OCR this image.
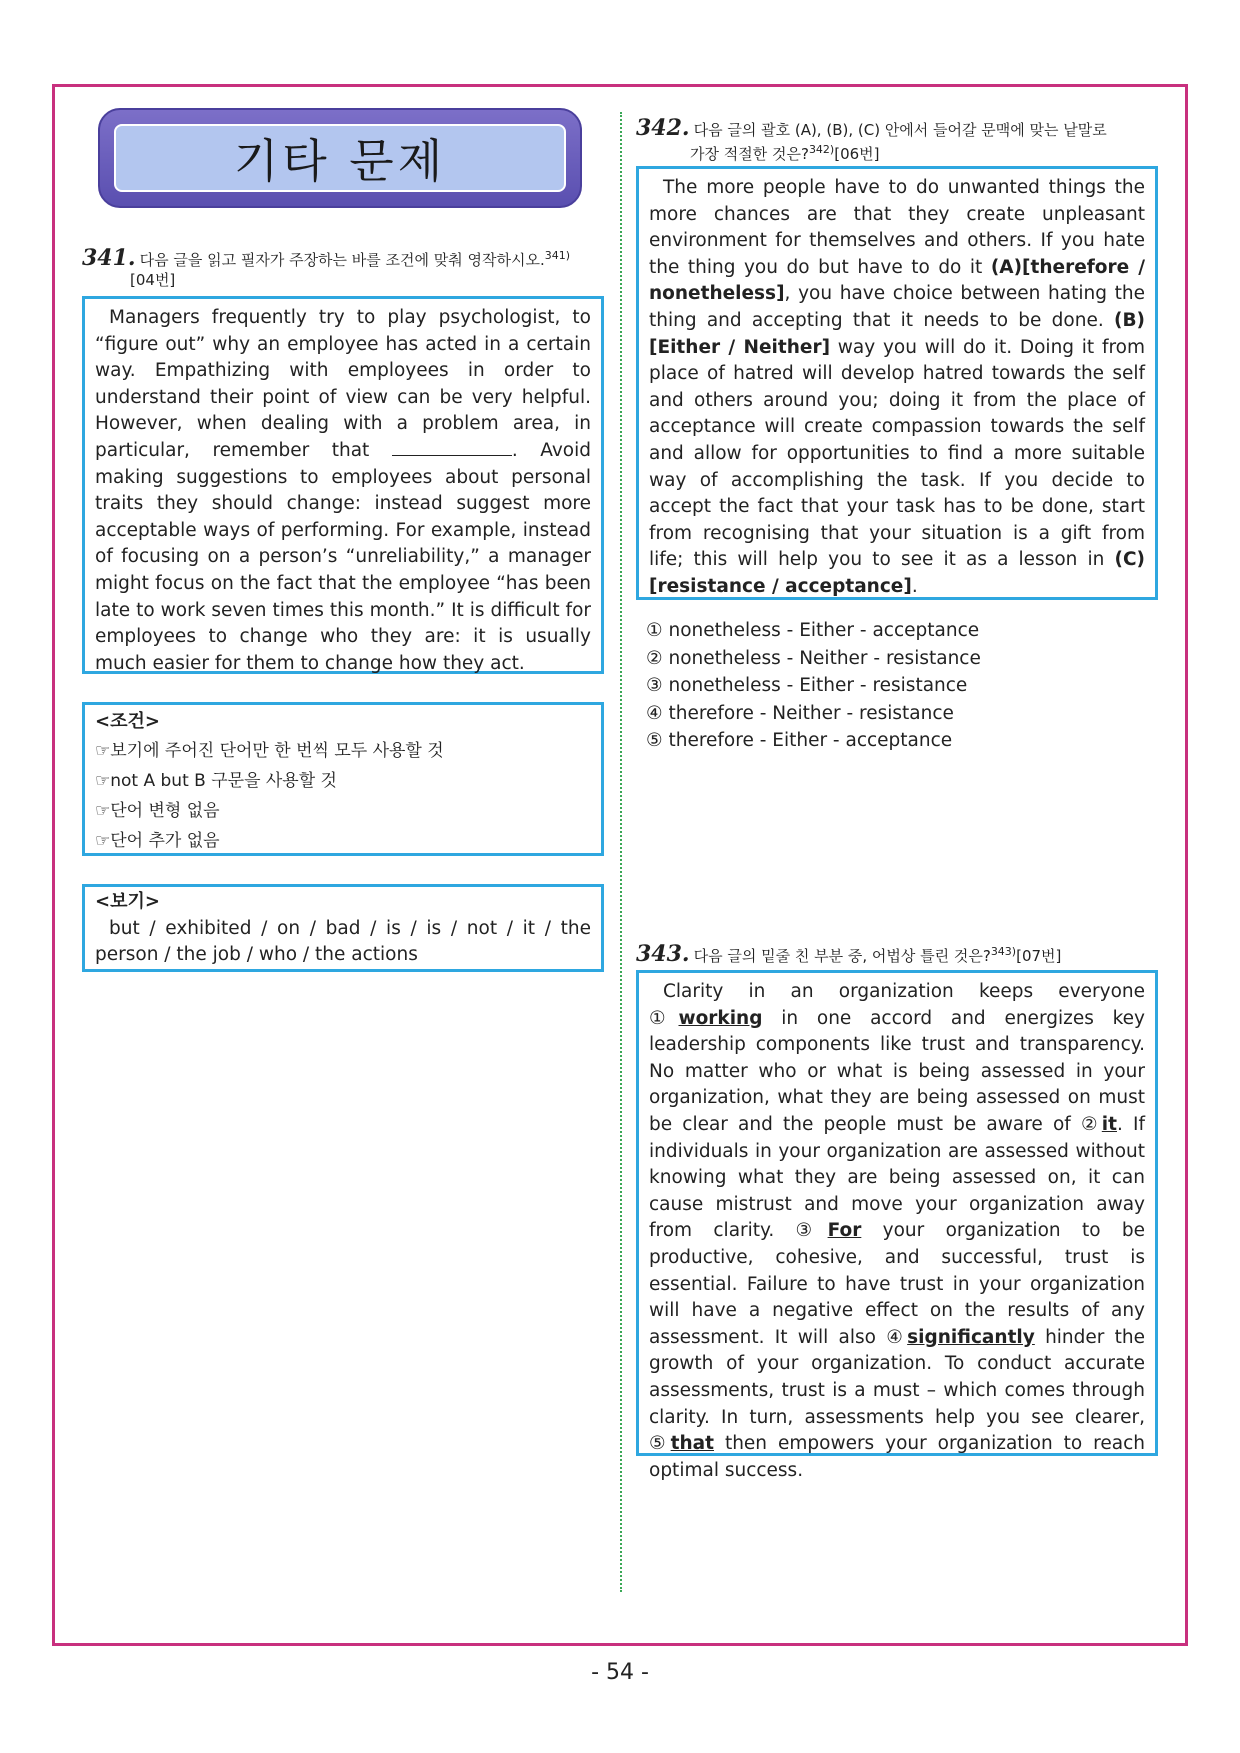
기타 문제
341. 다음 글을 읽고 필자가 주장하는 바를 조건에 맞춰 영작하시오.$^{341)}$
[04번]

Managers frequently try to play psychologist, to “figure out” why an employee has acted in a certain way. Empathizing with employees in order to understand their point of view can be very helpful. However, when dealing with a problem area, in particular, remember that	. Avoid making suggestions to employees about personal traits they should change: instead suggest more acceptable ways of performing. For example, instead of focusing on a person’s “unreliability,” a manager might focus on the fact that the employee “has been late to work seven times this month.” It is difficult for employees to change who they are: it is usually much easier for them to change how they act.

<조건>
☞보기에 주어진 단어만 한 번씩 모두 사용할 것
☞not A but B 구문을 사용할 것
☞단어 변형 없음
☞단어 추가 없음
<보기>

but / exhibited / on / bad / is / is / not / it / the person / the job / who / the actions

342. 다음 글의 괄호 (A), (B), (C) 안에서 들어갈 문맥에 맞는 낱말로
가장 적절한 것은?$^{342)}$[06번]

The more people have to do unwanted things the more chances are that they create unpleasant environment for themselves and others. If you hate the thing you do but have to do it (A)[therefore / nonetheless], you have choice between hating the thing and accepting that it needs to be done. (B)[Either / Neither] way you will do it. Doing it from place of hatred will develop hatred towards the self and others around you; doing it from the place of acceptance will create compassion towards the self and allow for opportunities to find a more suitable way of accomplishing the task. If you decide to accept the fact that your task has to be done, start from recognising that your situation is a gift from life; this will help you to see it as a lesson in (C)[resistance / acceptance].

① nonetheless - Either - acceptance
② nonetheless - Neither - resistance
③ nonetheless - Either - resistance
④ therefore - Neither - resistance
⑤ therefore - Either - acceptance
343. 다음 글의 밑줄 친 부분 중, 어법상 틀린 것은?$^{343)}$[07번]

Clarity in an organization keeps everyone ①working in one accord and energizes key leadership components like trust and transparency. No matter who or what is being assessed in your organization, what they are being assessed on must be clear and the people must be aware of ②it. If individuals in your organization are assessed without knowing what they are being assessed on, it can cause mistrust and move your organization away from clarity. ③For your organization to be productive, cohesive, and successful, trust is essential. Failure to have trust in your organization will have a negative effect on the results of any assessment. It will also ④significantly hinder the growth of your organization. To conduct accurate assessments, trust is a must – which comes through clarity. In turn, assessments help you see clearer, ⑤that then empowers your organization to reach optimal success.

- 54 -
